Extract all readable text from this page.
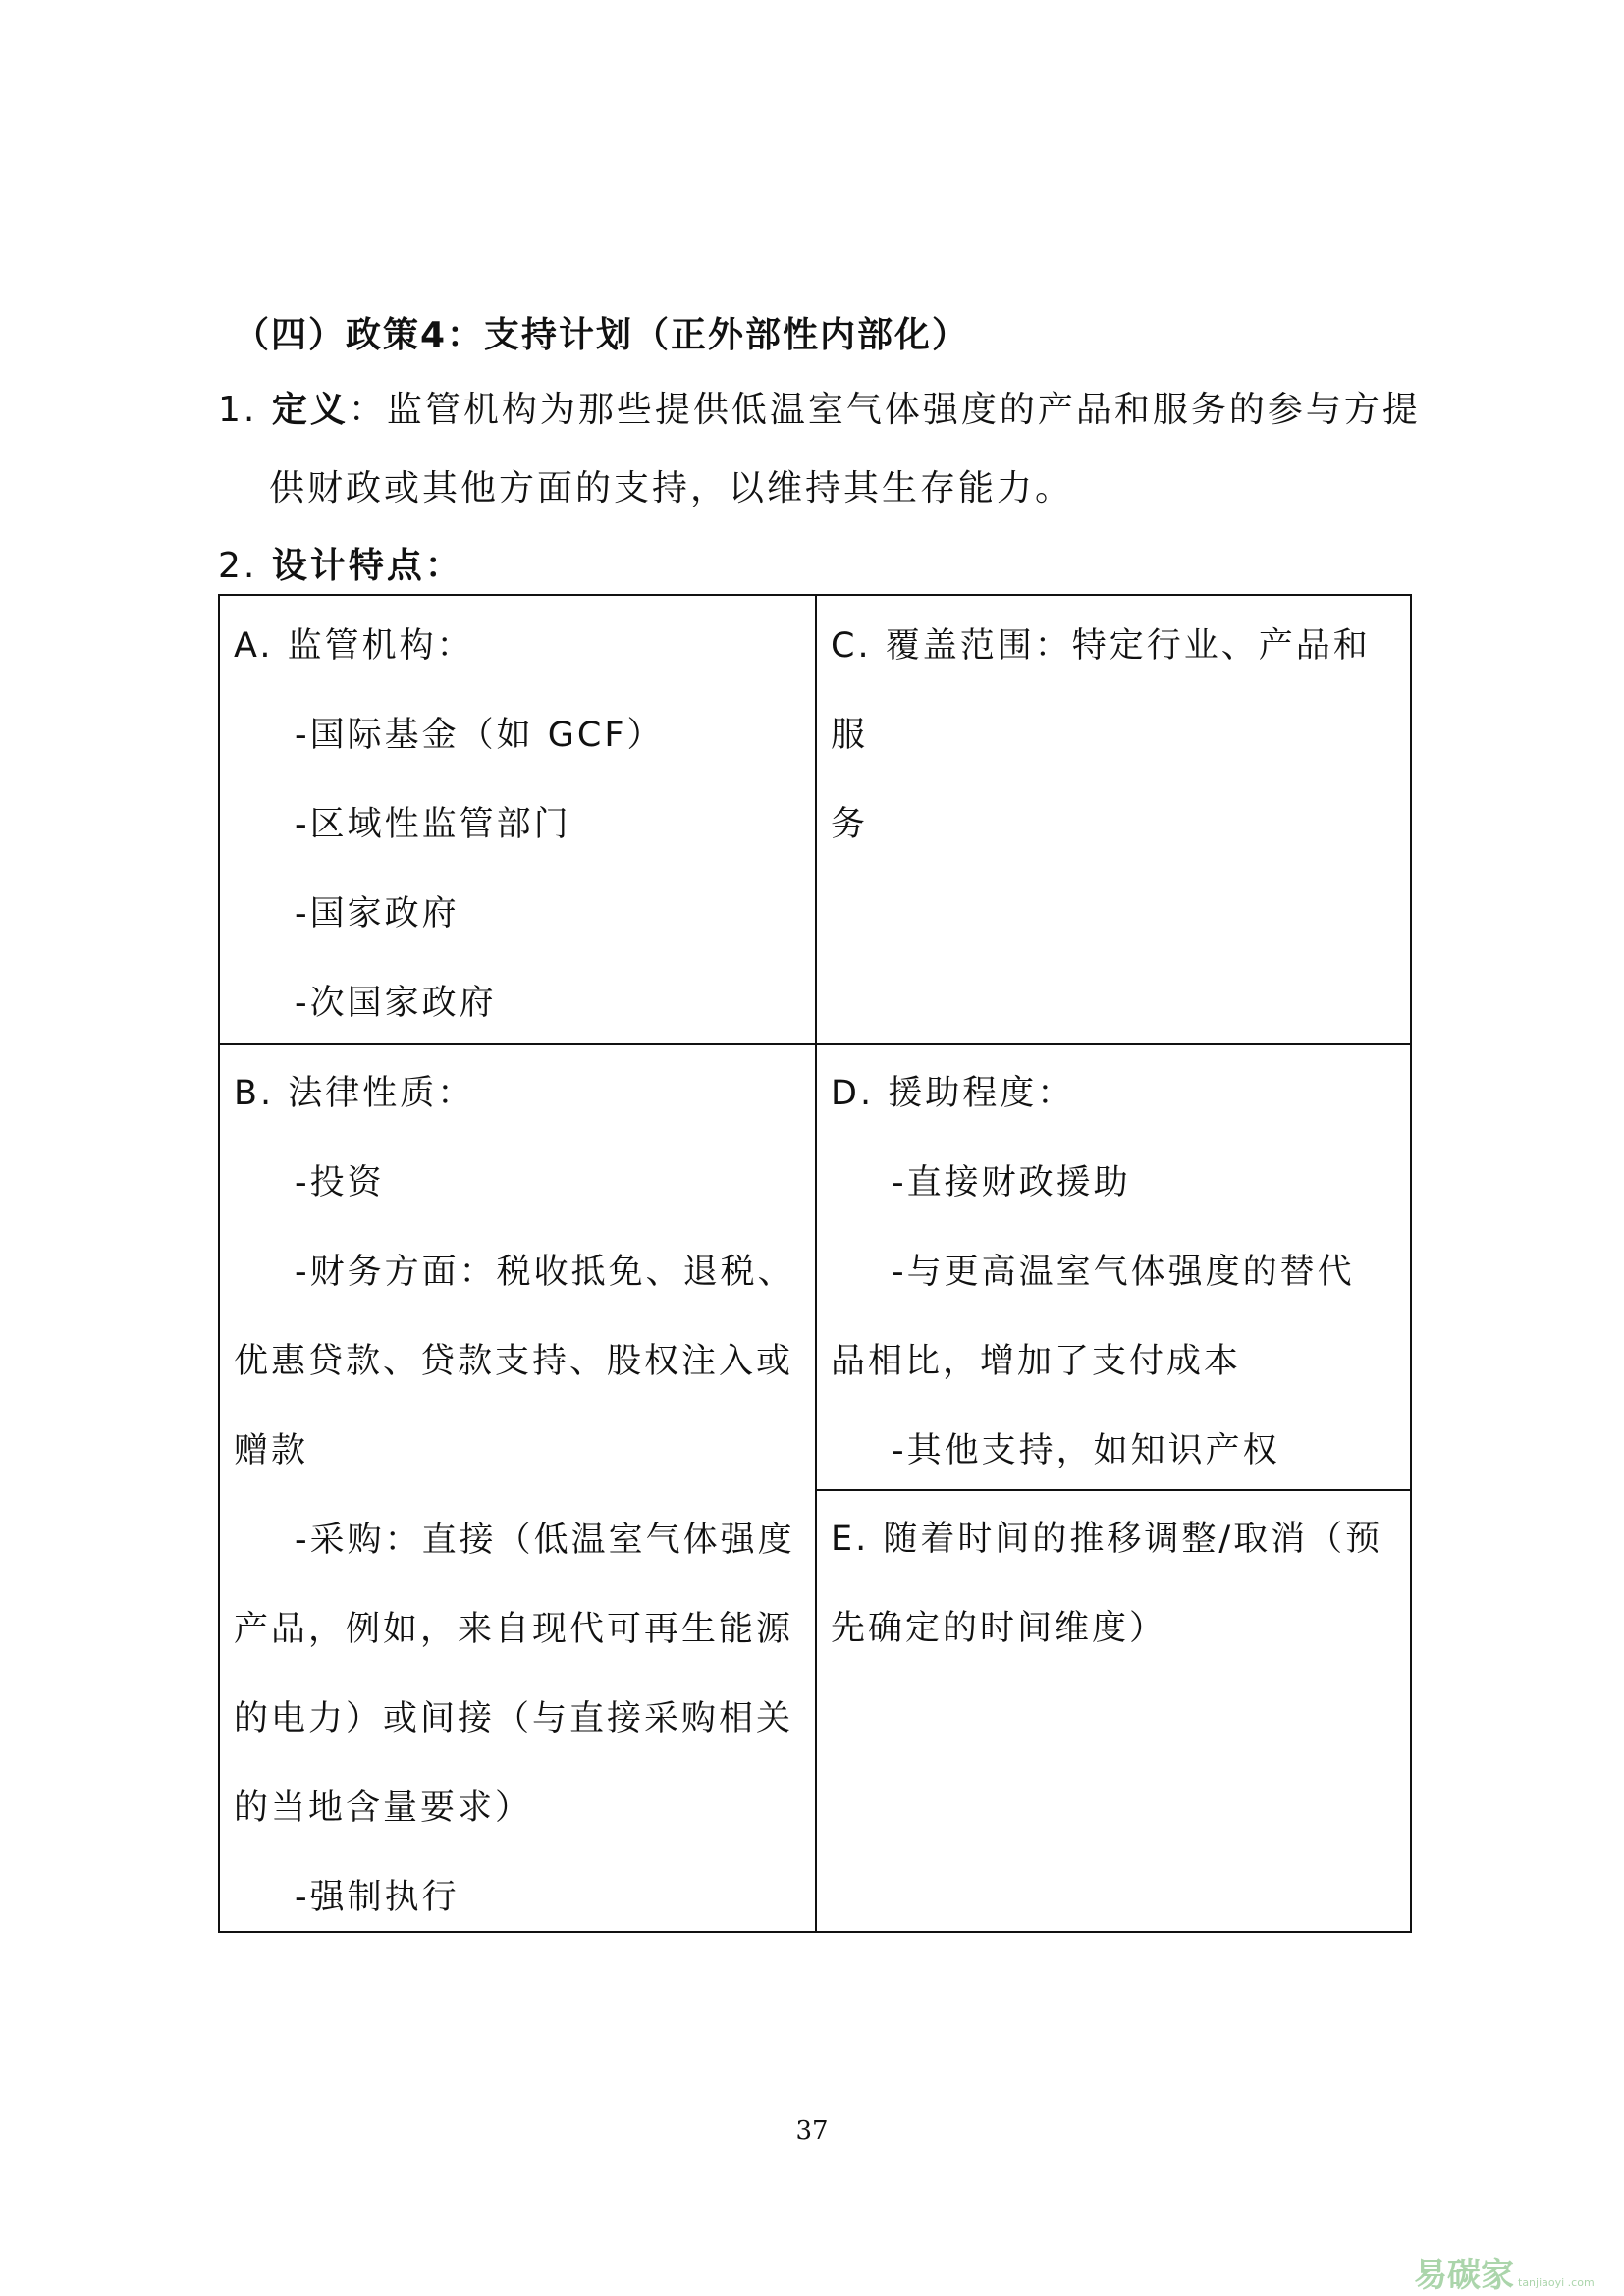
（四）政策4：支持计划（正外部性内部化）
1. 定义：监管机构为那些提供低温室气体强度的产品和服务的参与方提
供财政或其他方面的支持，以维持其生存能力。
2. 设计特点：
A. 监管机构：
-国际基金（如 GCF）
-区域性监管部门
-国家政府
-次国家政府
C. 覆盖范围：特定行业、产品和服
务
B. 法律性质：
-投资
-财务方面：税收抵免、退税、
优惠贷款、贷款支持、股权注入或
赠款
-采购：直接（低温室气体强度
产品，例如，来自现代可再生能源
的电力）或间接（与直接采购相关
的当地含量要求）
-强制执行
D. 援助程度：
-直接财政援助
-与更高温室气体强度的替代
品相比，增加了支付成本
-其他支持，如知识产权
E. 随着时间的推移调整/取消（预
先确定的时间维度）
37
易碳家 tanjiaoyi .com
